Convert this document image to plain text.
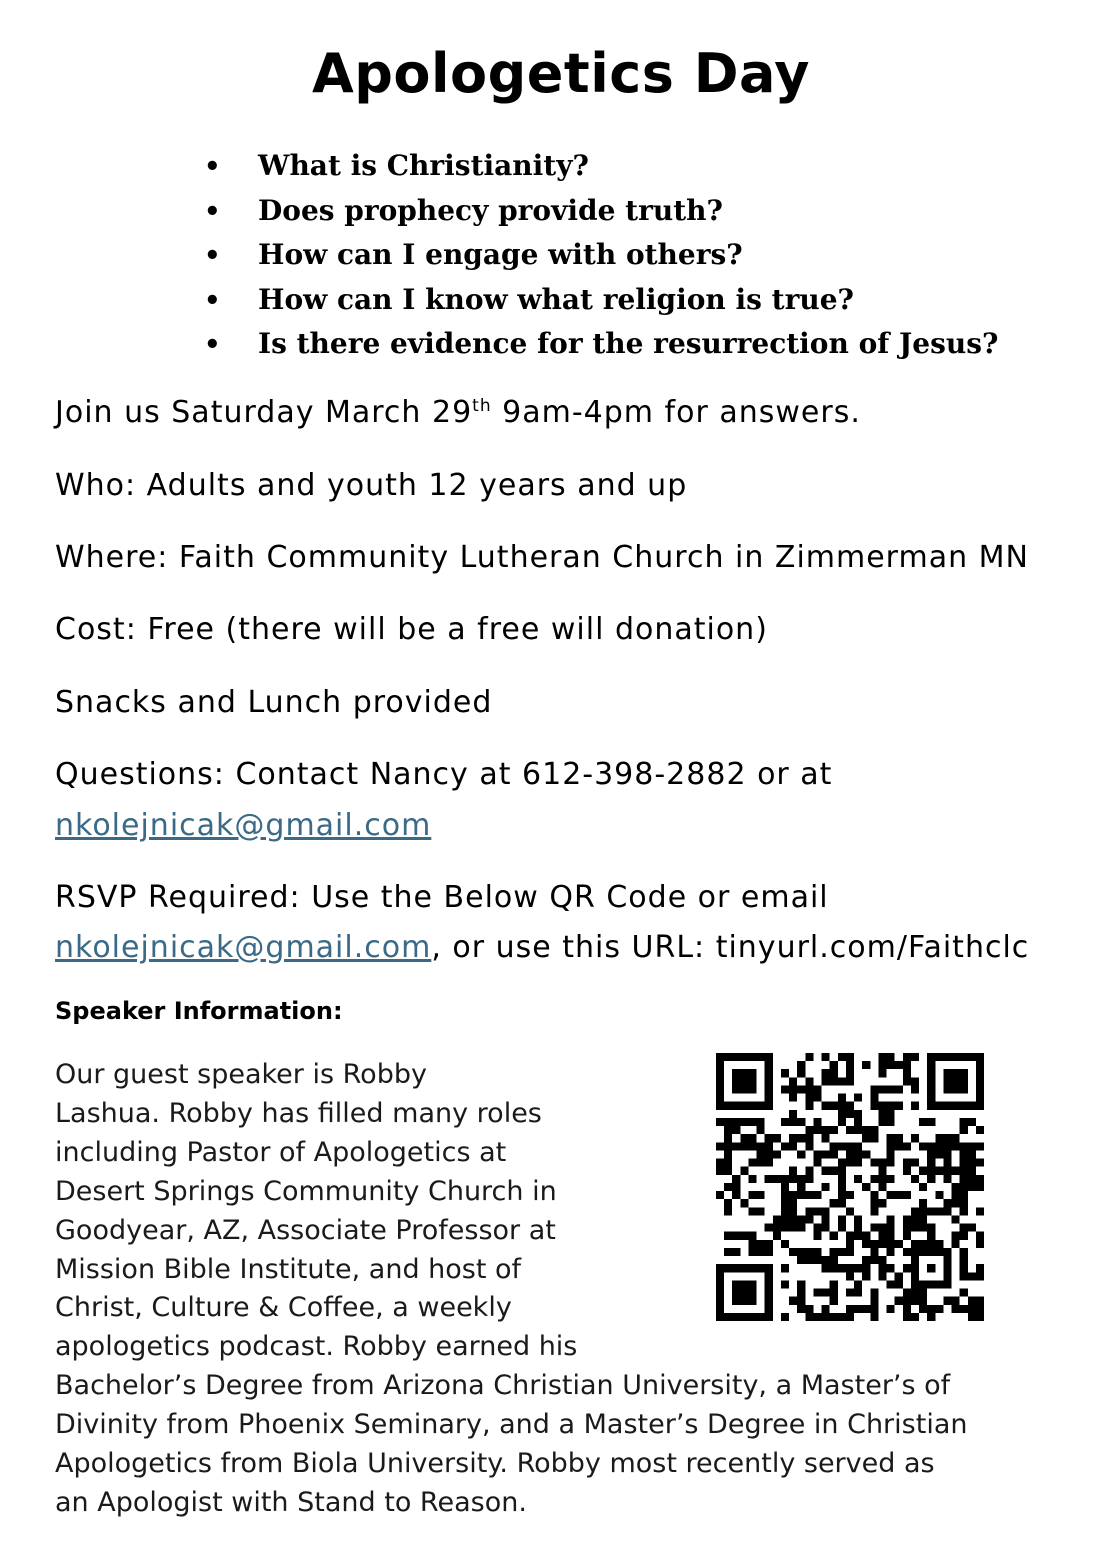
Apologetics Day
• What is Christianity?
• Does prophecy provide truth?
• How can I engage with others?
• How can I know what religion is true?
• Is there evidence for the resurrection of Jesus?
Join us Saturday March 29th 9am-4pm for answers.
Who: Adults and youth 12 years and up
Where: Faith Community Lutheran Church in Zimmerman MN
Cost: Free (there will be a free will donation)
Snacks and Lunch provided
Questions: Contact Nancy at 612-398-2882 or at
nkolejnicak@gmail.com
RSVP Required: Use the Below QR Code or email
nkolejnicak@gmail.com, or use this URL: tinyurl.com/Faithclc
Speaker Information:
Our guest speaker is Robby
Lashua. Robby has filled many roles
including Pastor of Apologetics at
Desert Springs Community Church in
Goodyear, AZ, Associate Professor at
Mission Bible Institute, and host of
Christ, Culture & Coffee, a weekly
apologetics podcast. Robby earned his
Bachelor’s Degree from Arizona Christian University, a Master’s of
Divinity from Phoenix Seminary, and a Master’s Degree in Christian
Apologetics from Biola University. Robby most recently served as
an Apologist with Stand to Reason.
